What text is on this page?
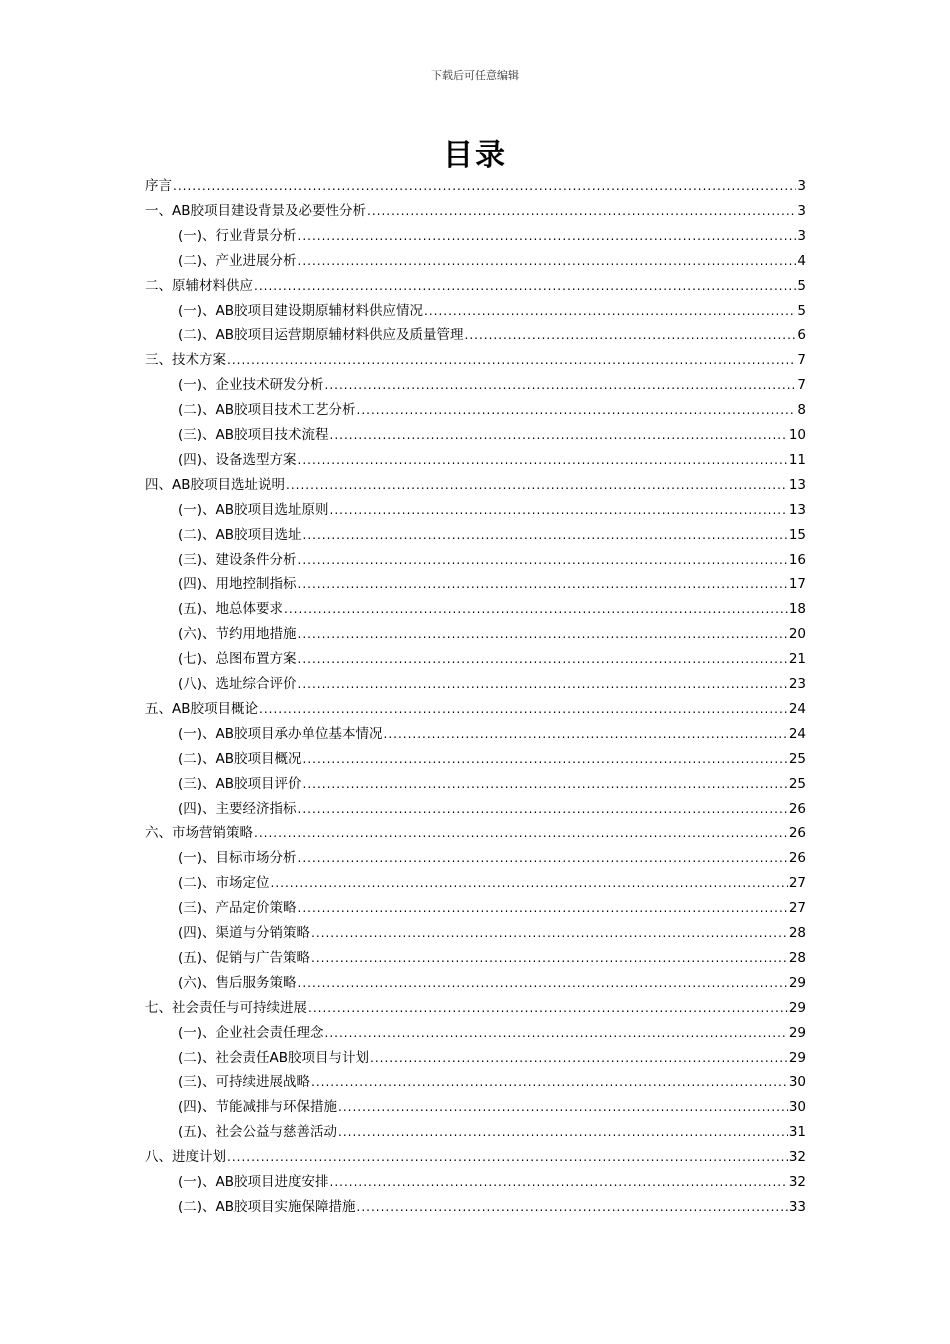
下载后可任意编辑
目录
序言 .....	3
一、AB胶项目建设背景及必要性分析 .....	3
(一)、行业背景分析 .....	3
(二)、产业进展分析 .....	4
二、原辅材料供应 .....	5
(一)、AB胶项目建设期原辅材料供应情况 .....	5
(二)、AB胶项目运营期原辅材料供应及质量管理 .....	6
三、技术方案 .....	7
(一)、企业技术研发分析 .....	7
(二)、AB胶项目技术工艺分析 .....	8
(三)、AB胶项目技术流程 .....	10
(四)、设备选型方案 .....	11
四、AB胶项目选址说明 .....	13
(一)、AB胶项目选址原则 .....	13
(二)、AB胶项目选址 .....	15
(三)、建设条件分析 .....	16
(四)、用地控制指标 .....	17
(五)、地总体要求 .....	18
(六)、节约用地措施 .....	20
(七)、总图布置方案 .....	21
(八)、选址综合评价 .....	23
五、AB胶项目概论 .....	24
(一)、AB胶项目承办单位基本情况 .....	24
(二)、AB胶项目概况 .....	25
(三)、AB胶项目评价 .....	25
(四)、主要经济指标 .....	26
六、市场营销策略 .....	26
(一)、目标市场分析 .....	26
(二)、市场定位 .....	27
(三)、产品定价策略 .....	27
(四)、渠道与分销策略 .....	28
(五)、促销与广告策略 .....	28
(六)、售后服务策略 .....	29
七、社会责任与可持续进展 .....	29
(一)、企业社会责任理念 .....	29
(二)、社会责任AB胶项目与计划 .....	29
(三)、可持续进展战略 .....	30
(四)、节能减排与环保措施 .....	30
(五)、社会公益与慈善活动 .....	31
八、进度计划 .....	32
(一)、AB胶项目进度安排 .....	32
(二)、AB胶项目实施保障措施 .....	33
